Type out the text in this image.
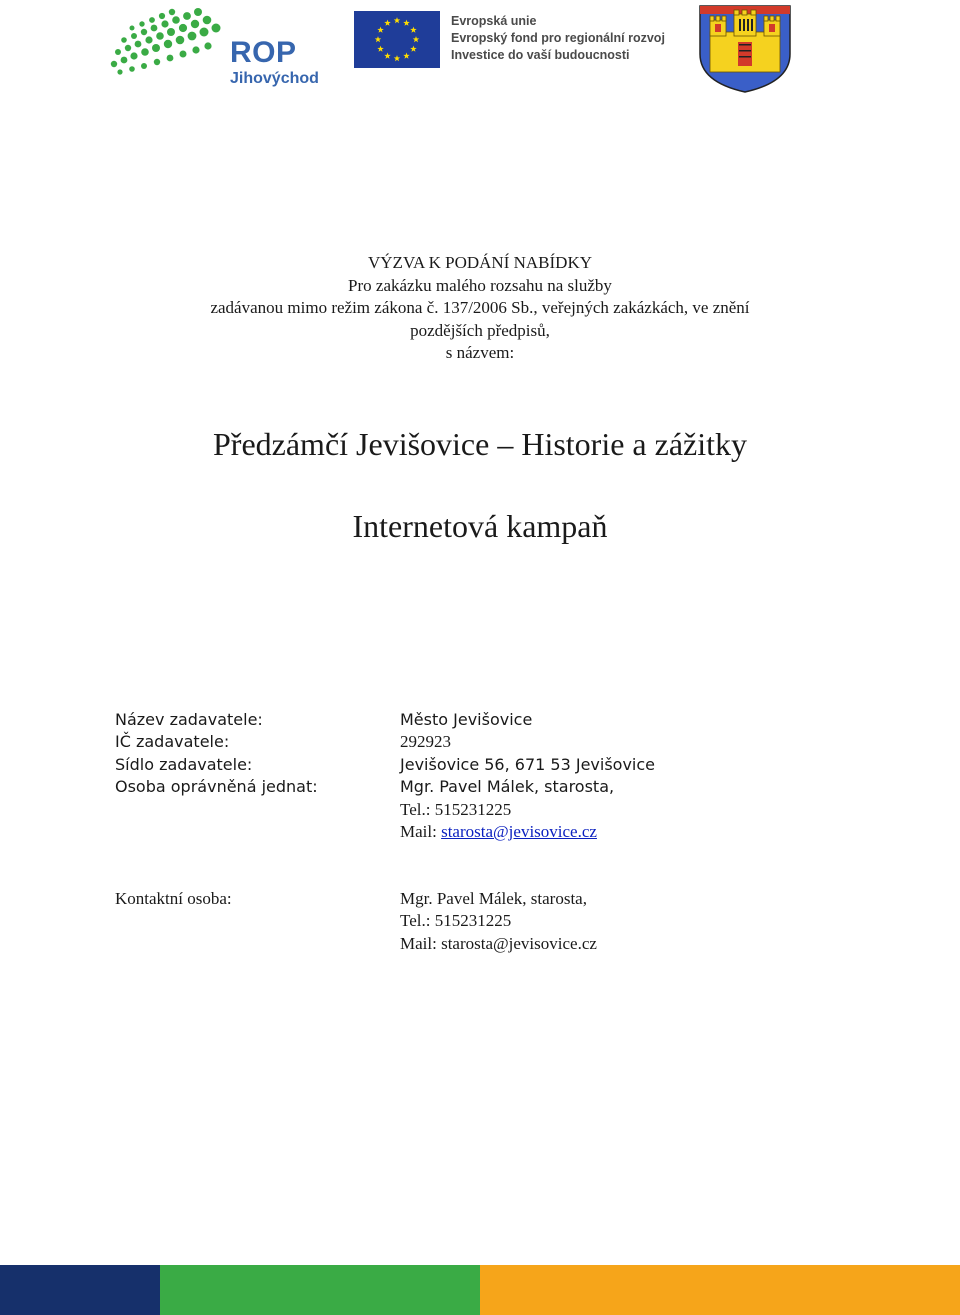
ROP
Jihovýchod
Evropská unie
Evropský fond pro regionální rozvoj
Investice do vaší budoucnosti
VÝZVA K PODÁNÍ NABÍDKY
Pro zakázku malého rozsahu na služby
zadávanou mimo režim zákona č. 137/2006 Sb., veřejných zakázkách, ve znění
pozdějších předpisů,
s názvem:
Předzámčí Jevišovice – Historie a zážitky
Internetová kampaň
Název zadavatele:	Město Jevišovice
IČ zadavatele:	292923
Sídlo zadavatele:	Jevišovice 56, 671 53 Jevišovice
Osoba oprávněná jednat:	Mgr. Pavel Málek, starosta,
Tel.: 515231225
Mail: starosta@jevisovice.cz
Kontaktní osoba:	Mgr. Pavel Málek, starosta,
Tel.: 515231225
Mail: starosta@jevisovice.cz
